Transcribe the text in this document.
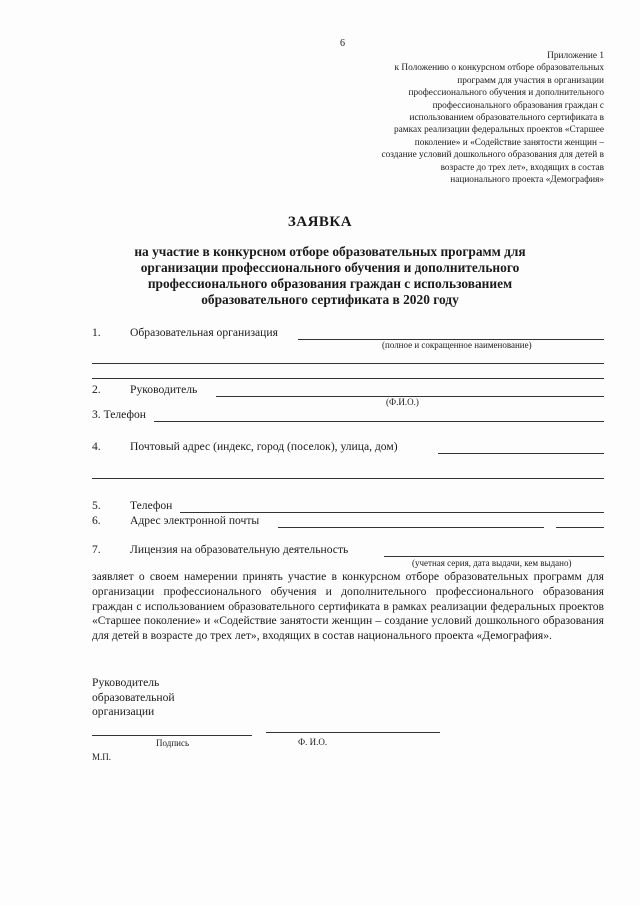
6
Приложение 1
к Положению о конкурсном отборе образовательных
программ для участия в организации
профессионального обучения и дополнительного
профессионального образования граждан с
использованием образовательного сертификата в
рамках реализации федеральных проектов «Старшее
поколение» и «Содействие занятости женщин –
создание условий дошкольного образования для детей в
возрасте до трех лет», входящих в состав
национального проекта «Демография»
ЗАЯВКА
на участие в конкурсном отборе образовательных программ для
организации профессионального обучения и дополнительного
профессионального образования граждан с использованием
образовательного сертификата в 2020 году
1.	Образовательная организация
(полное и сокращенное наименование)
2.	Руководитель
(Ф.И.О.)
3. Телефон
4.	Почтовый адрес (индекс, город (поселок), улица, дом)
5.	Телефон
6.	Адрес электронной почты
7.	Лицензия на образовательную деятельность
(учетная серия, дата выдачи, кем выдано)
заявляет о своем намерении принять участие в конкурсном отборе образовательных программ для организации профессионального обучения и дополнительного профессионального образования граждан с использованием образовательного сертификата в рамках реализации федеральных проектов «Старшее поколение» и «Содействие занятости женщин – создание условий дошкольного образования для детей в возрасте до трех лет», входящих в состав национального проекта «Демография».
Руководитель
образовательной
организации
Подпись	Ф. И.О.
М.П.
